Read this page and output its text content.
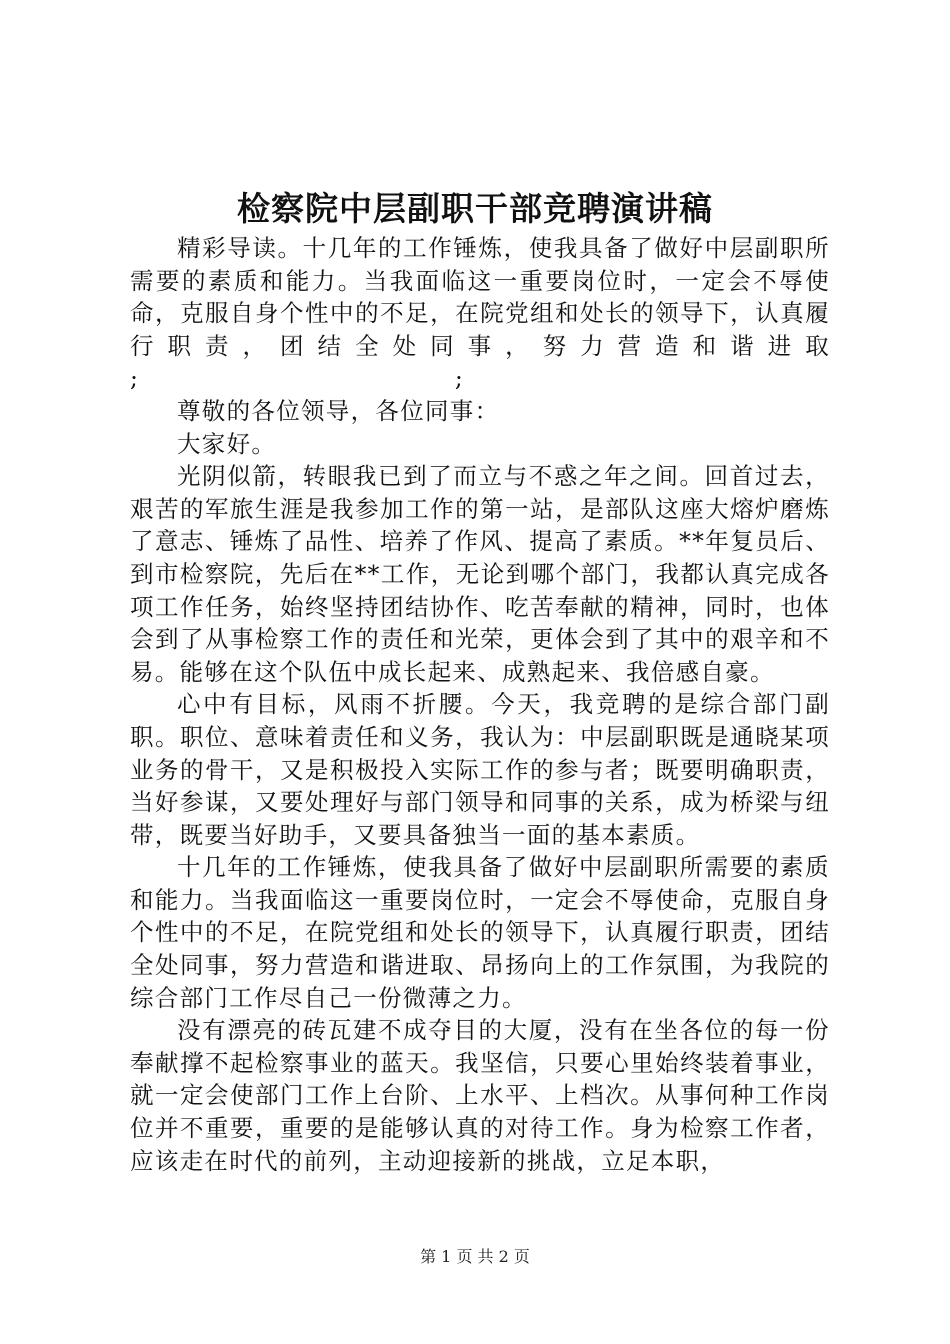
检察院中层副职干部竞聘演讲稿

精彩导读。十几年的工作锤炼，使我具备了做好中层副职所需要的素质和能力。当我面临这一重要岗位时，一定会不辱使命，克服自身个性中的不足，在院党组和处长的领导下，认真履行职责，团结全处同事，努力营造和谐进取

;                                    ;

尊敬的各位领导，各位同事：

大家好。

光阴似箭，转眼我已到了而立与不惑之年之间。回首过去，艰苦的军旅生涯是我参加工作的第一站，是部队这座大熔炉磨炼了意志、锤炼了品性、培养了作风、提高了素质。**年复员后、到市检察院，先后在**工作，无论到哪个部门，我都认真完成各项工作任务，始终坚持团结协作、吃苦奉献的精神，同时，也体会到了从事检察工作的责任和光荣，更体会到了其中的艰辛和不易。能够在这个队伍中成长起来、成熟起来、我倍感自豪。

心中有目标，风雨不折腰。今天，我竞聘的是综合部门副职。职位、意味着责任和义务，我认为：中层副职既是通晓某项业务的骨干，又是积极投入实际工作的参与者；既要明确职责，当好参谋，又要处理好与部门领导和同事的关系，成为桥梁与纽带，既要当好助手，又要具备独当一面的基本素质。

十几年的工作锤炼，使我具备了做好中层副职所需要的素质和能力。当我面临这一重要岗位时，一定会不辱使命，克服自身个性中的不足，在院党组和处长的领导下，认真履行职责，团结全处同事，努力营造和谐进取、昂扬向上的工作氛围，为我院的综合部门工作尽自己一份微薄之力。

没有漂亮的砖瓦建不成夺目的大厦，没有在坐各位的每一份奉献撑不起检察事业的蓝天。我坚信，只要心里始终装着事业，就一定会使部门工作上台阶、上水平、上档次。从事何种工作岗位并不重要，重要的是能够认真的对待工作。身为检察工作者，应该走在时代的前列，主动迎接新的挑战，立足本职，

第 1 页 共 2 页
